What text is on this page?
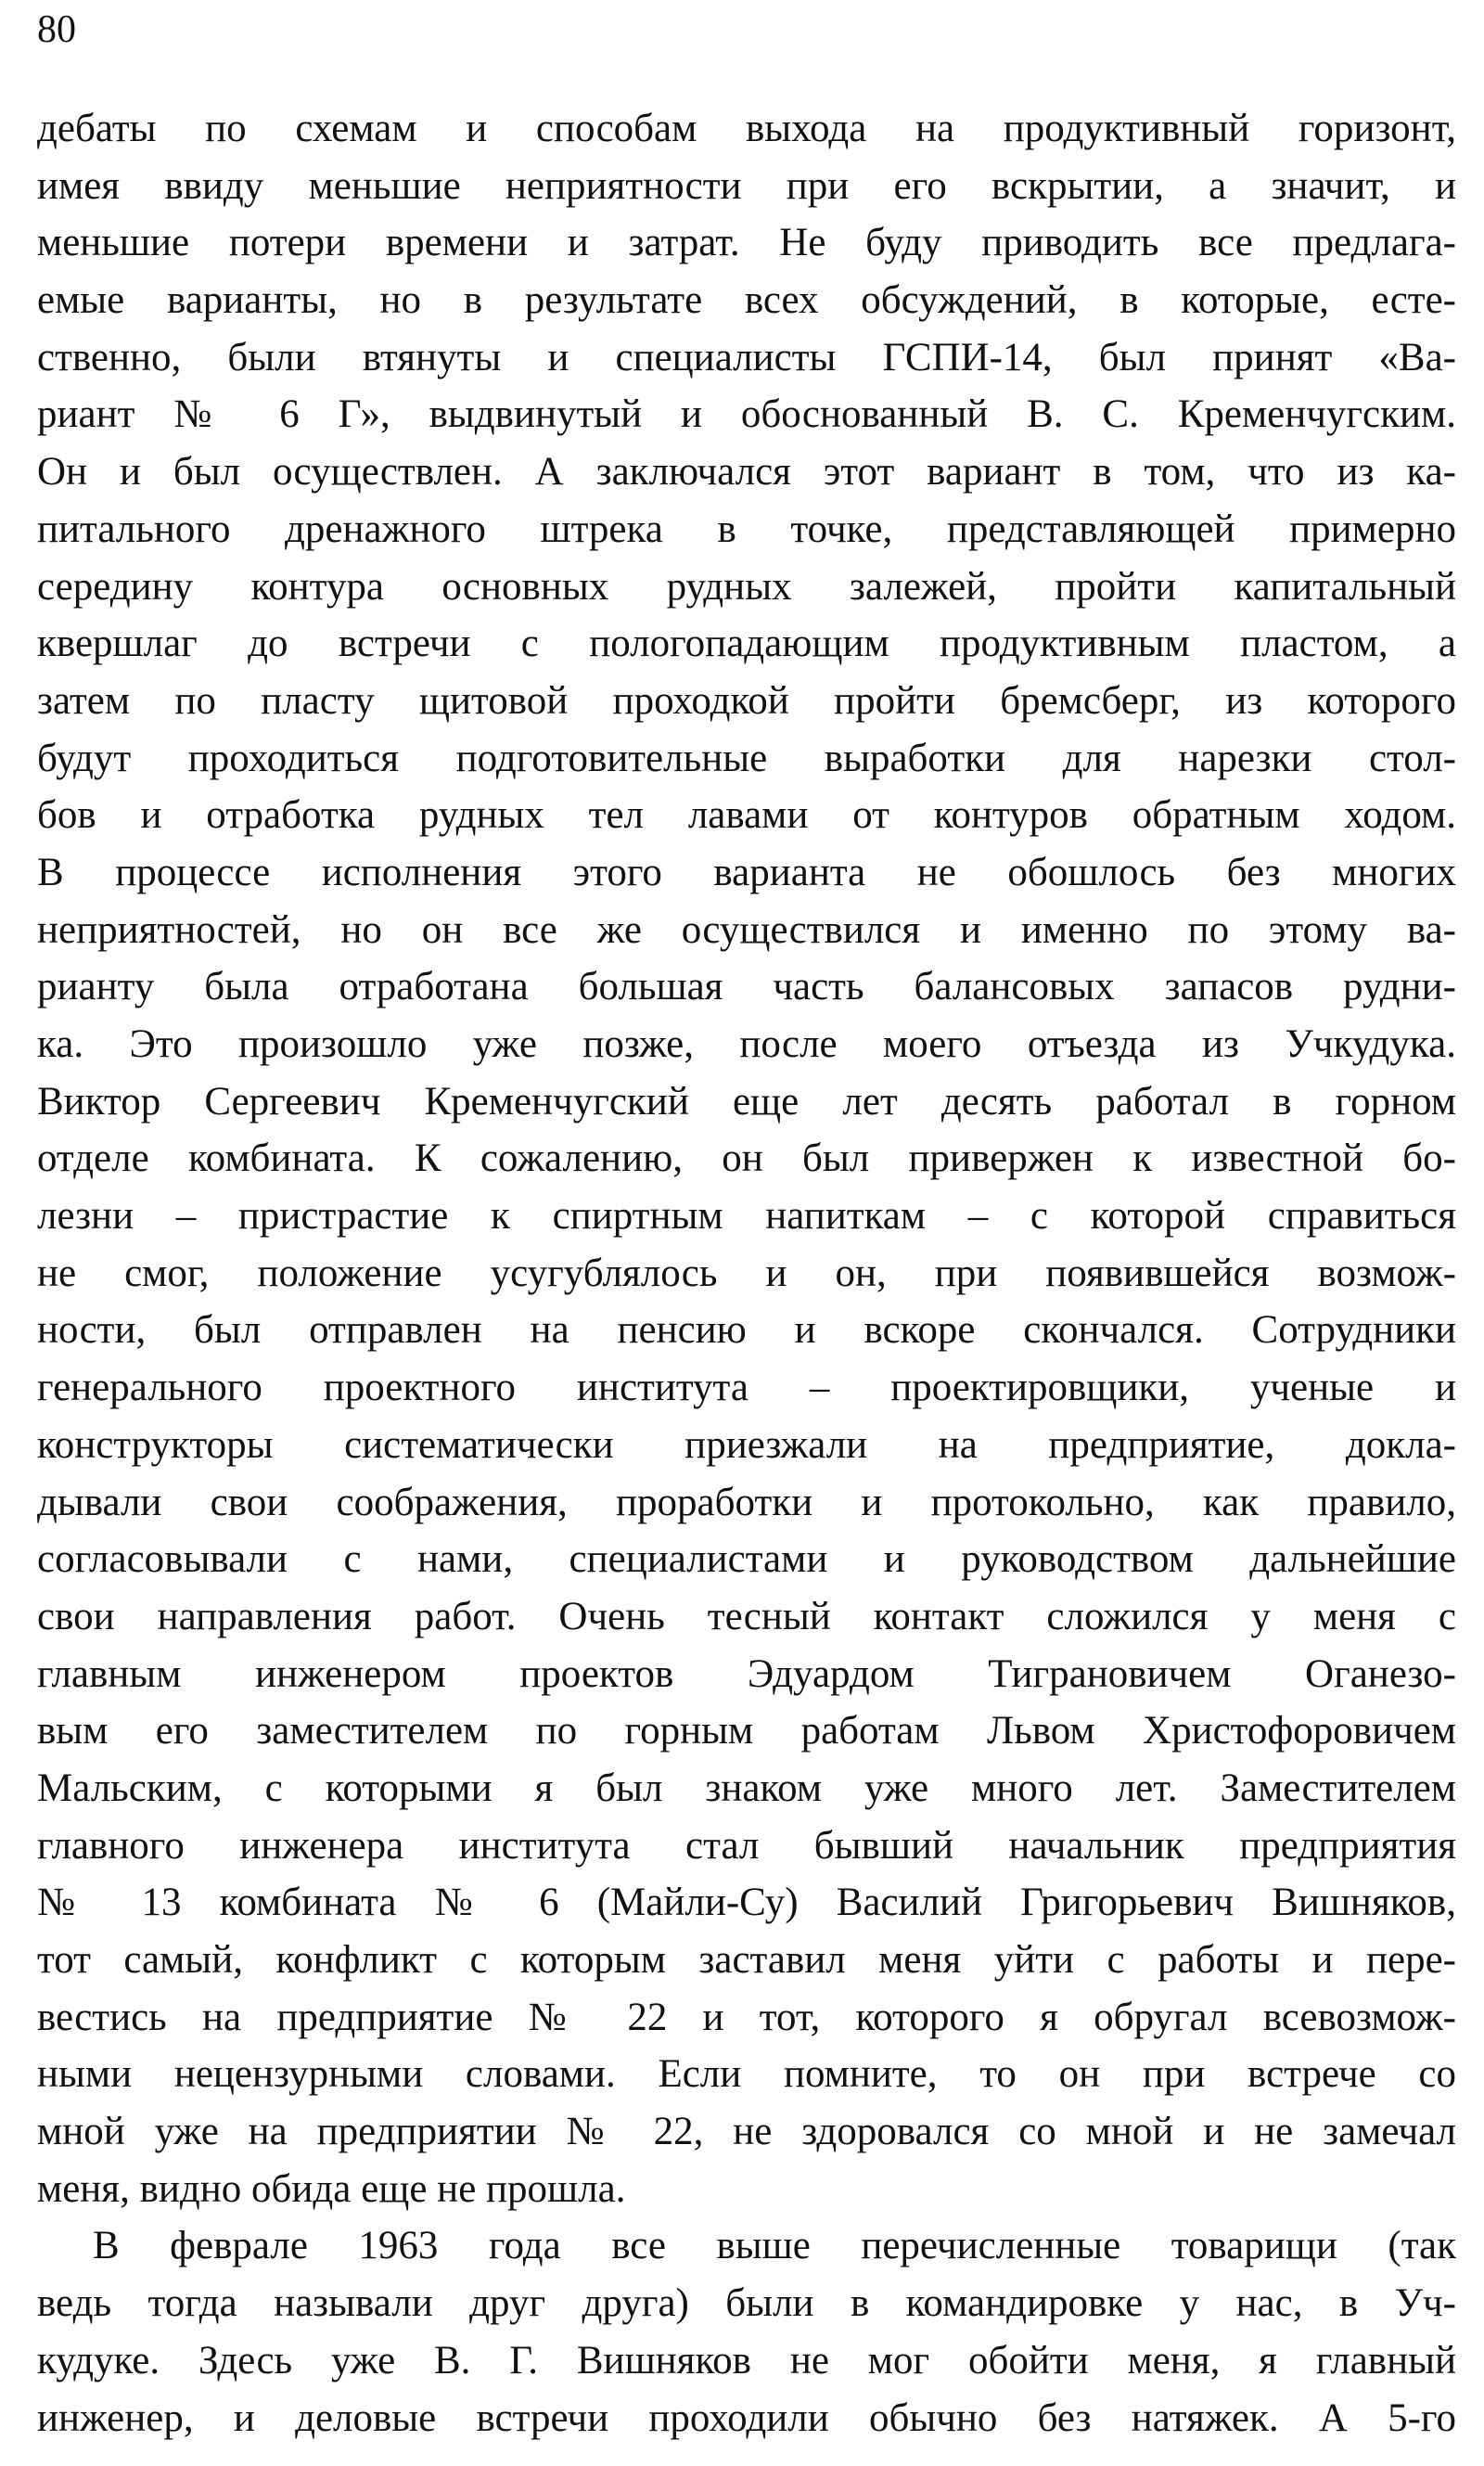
80
дебаты по схемам и способам выхода на продуктивный горизонт,
имея ввиду меньшие неприятности при его вскрытии, а значит, и
меньшие потери времени и затрат. Не буду приводить все предлага-
емые варианты, но в результате всех обсуждений, в которые, есте-
ственно, были втянуты и специалисты ГСПИ-14, был принят «Ва-
риант № 6 Г», выдвинутый и обоснованный В. С. Кременчугским.
Он и был осуществлен. А заключался этот вариант в том, что из ка-
питального дренажного штрека в точке, представляющей примерно
середину контура основных рудных залежей, пройти капитальный
квершлаг до встречи с пологопадающим продуктивным пластом, а
затем по пласту щитовой проходкой пройти бремсберг, из которого
будут проходиться подготовительные выработки для нарезки стол-
бов и отработка рудных тел лавами от контуров обратным ходом.
В процессе исполнения этого варианта не обошлось без многих
неприятностей, но он все же осуществился и именно по этому ва-
рианту была отработана большая часть балансовых запасов рудни-
ка. Это произошло уже позже, после моего отъезда из Учкудука.
Виктор Сергеевич Кременчугский еще лет десять работал в горном
отделе комбината. К сожалению, он был привержен к известной бо-
лезни – пристрастие к спиртным напиткам – с которой справиться
не смог, положение усугублялось и он, при появившейся возмож-
ности, был отправлен на пенсию и вскоре скончался. Сотрудники
генерального проектного института – проектировщики, ученые и
конструкторы систематически приезжали на предприятие, докла-
дывали свои соображения, проработки и протокольно, как правило,
согласовывали с нами, специалистами и руководством дальнейшие
свои направления работ. Очень тесный контакт сложился у меня с
главным инженером проектов Эдуардом Тиграновичем Оганезо-
вым его заместителем по горным работам Львом Христофоровичем
Мальским, с которыми я был знаком уже много лет. Заместителем
главного инженера института стал бывший начальник предприятия
№ 13 комбината № 6 (Майли-Су) Василий Григорьевич Вишняков,
тот самый, конфликт с которым заставил меня уйти с работы и пере-
вестись на предприятие № 22 и тот, которого я обругал всевозмож-
ными нецензурными словами. Если помните, то он при встрече со
мной уже на предприятии № 22, не здоровался со мной и не замечал
меня, видно обида еще не прошла.
В феврале 1963 года все выше перечисленные товарищи (так
ведь тогда называли друг друга) были в командировке у нас, в Уч-
кудуке. Здесь уже В. Г. Вишняков не мог обойти меня, я главный
инженер, и деловые встречи проходили обычно без натяжек. А 5-го
